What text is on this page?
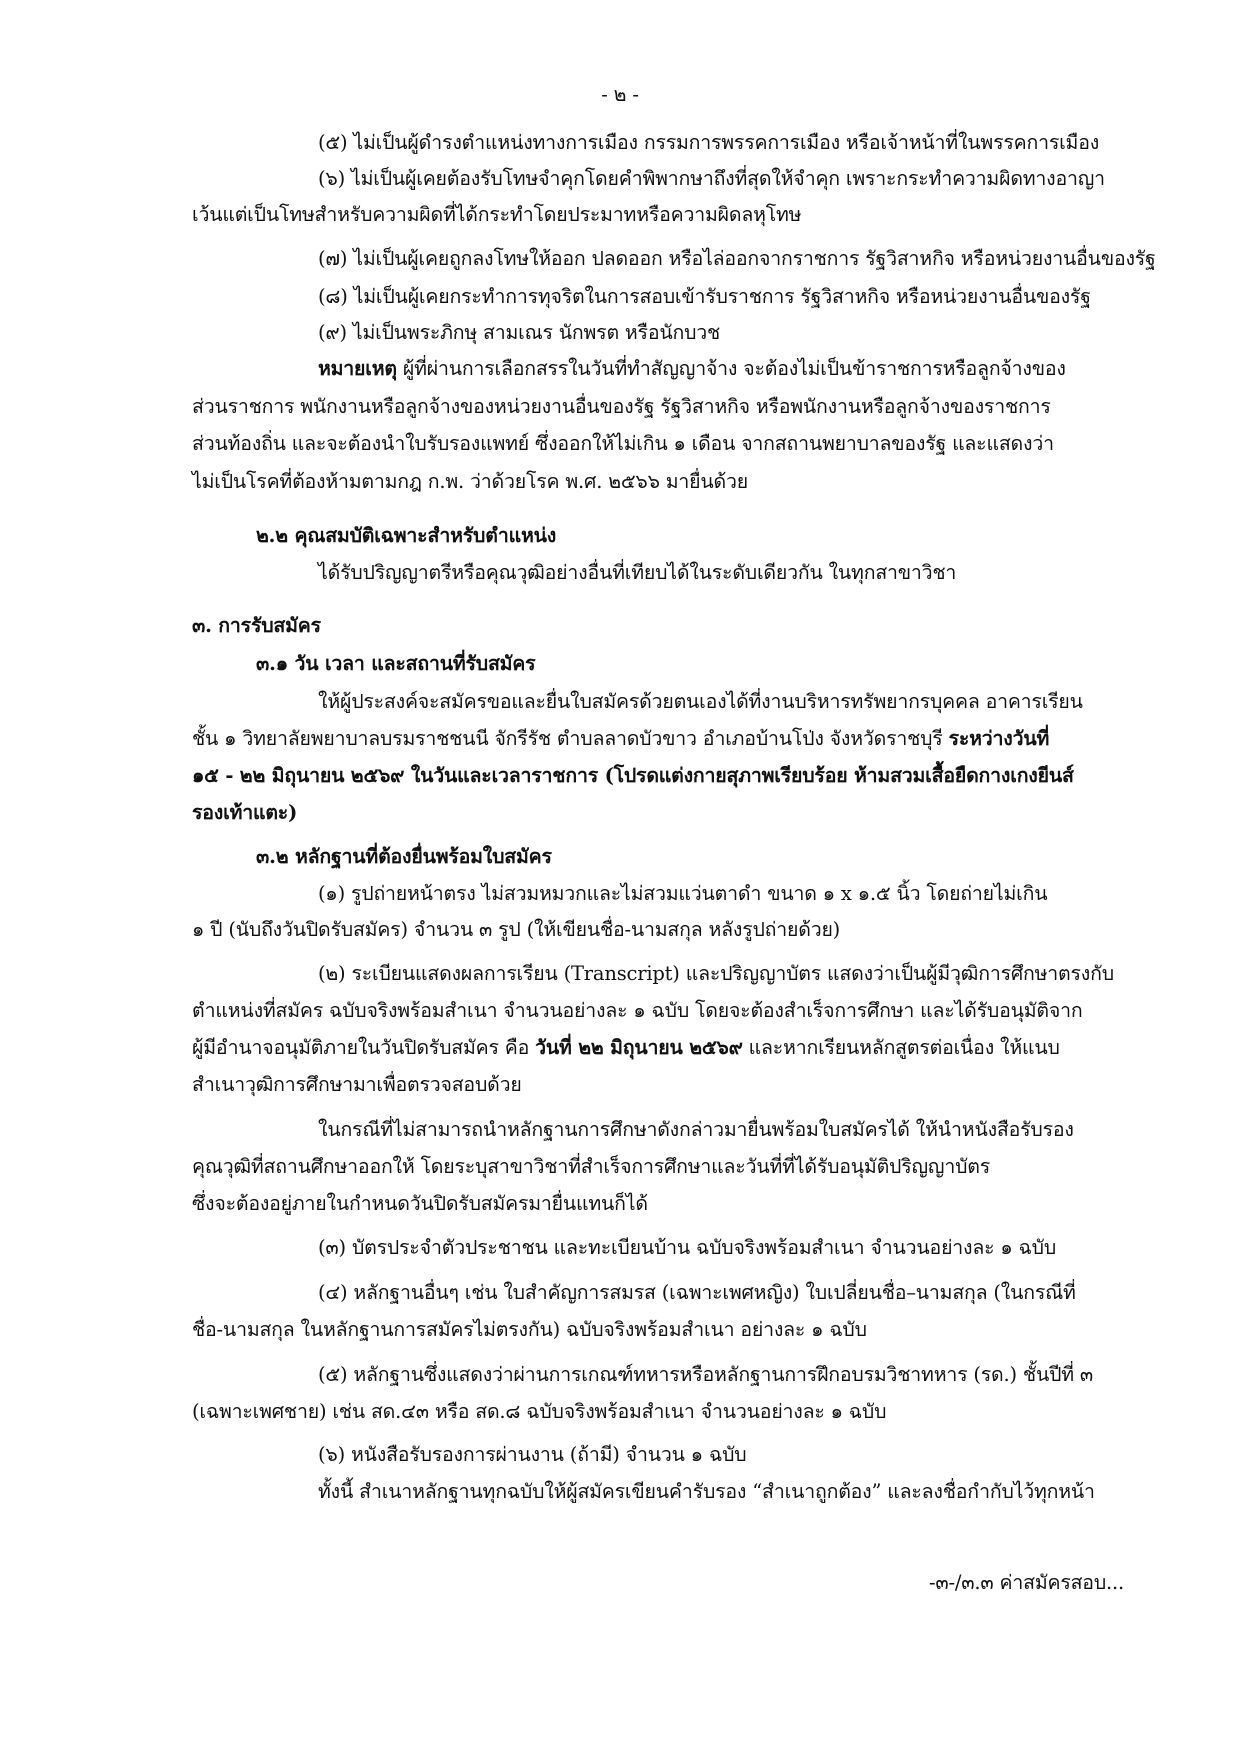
- ๒ -
(๕) ไม่เป็นผู้ดำรงตำแหน่งทางการเมือง กรรมการพรรคการเมือง หรือเจ้าหน้าที่ในพรรคการเมือง
(๖) ไม่เป็นผู้เคยต้องรับโทษจำคุกโดยคำพิพากษาถึงที่สุดให้จำคุก เพราะกระทำความผิดทางอาญา
เว้นแต่เป็นโทษสำหรับความผิดที่ได้กระทำโดยประมาทหรือความผิดลหุโทษ
(๗) ไม่เป็นผู้เคยถูกลงโทษให้ออก ปลดออก หรือไล่ออกจากราชการ รัฐวิสาหกิจ หรือหน่วยงานอื่นของรัฐ
(๘) ไม่เป็นผู้เคยกระทำการทุจริตในการสอบเข้ารับราชการ รัฐวิสาหกิจ หรือหน่วยงานอื่นของรัฐ
(๙) ไม่เป็นพระภิกษุ สามเณร นักพรต หรือนักบวช
หมายเหตุ ผู้ที่ผ่านการเลือกสรรในวันที่ทำสัญญาจ้าง จะต้องไม่เป็นข้าราชการหรือลูกจ้างของ
ส่วนราชการ พนักงานหรือลูกจ้างของหน่วยงานอื่นของรัฐ รัฐวิสาหกิจ หรือพนักงานหรือลูกจ้างของราชการ
ส่วนท้องถิ่น และจะต้องนำใบรับรองแพทย์ ซึ่งออกให้ไม่เกิน ๑ เดือน จากสถานพยาบาลของรัฐ และแสดงว่า
ไม่เป็นโรคที่ต้องห้ามตามกฎ ก.พ. ว่าด้วยโรค พ.ศ. ๒๕๖๖ มายื่นด้วย
๒.๒ คุณสมบัติเฉพาะสำหรับตำแหน่ง
ได้รับปริญญาตรีหรือคุณวุฒิอย่างอื่นที่เทียบได้ในระดับเดียวกัน ในทุกสาขาวิชา
๓. การรับสมัคร
๓.๑ วัน เวลา และสถานที่รับสมัคร
ให้ผู้ประสงค์จะสมัครขอและยื่นใบสมัครด้วยตนเองได้ที่งานบริหารทรัพยากรบุคคล อาคารเรียน
ชั้น ๑ วิทยาลัยพยาบาลบรมราชชนนี จักรีรัช ตำบลลาดบัวขาว อำเภอบ้านโป่ง จังหวัดราชบุรี ระหว่างวันที่
๑๕ - ๒๒ มิถุนายน ๒๕๖๙ ในวันและเวลาราชการ (โปรดแต่งกายสุภาพเรียบร้อย ห้ามสวมเสื้อยืดกางเกงยีนส์
รองเท้าแตะ)
๓.๒ หลักฐานที่ต้องยื่นพร้อมใบสมัคร
(๑) รูปถ่ายหน้าตรง ไม่สวมหมวกและไม่สวมแว่นตาดำ ขนาด ๑ x ๑.๕ นิ้ว โดยถ่ายไม่เกิน
๑ ปี (นับถึงวันปิดรับสมัคร) จำนวน ๓ รูป (ให้เขียนชื่อ-นามสกุล หลังรูปถ่ายด้วย)
(๒) ระเบียนแสดงผลการเรียน (Transcript) และปริญญาบัตร แสดงว่าเป็นผู้มีวุฒิการศึกษาตรงกับ
ตำแหน่งที่สมัคร ฉบับจริงพร้อมสำเนา จำนวนอย่างละ ๑ ฉบับ โดยจะต้องสำเร็จการศึกษา และได้รับอนุมัติจาก
ผู้มีอำนาจอนุมัติภายในวันปิดรับสมัคร คือ วันที่ ๒๒ มิถุนายน ๒๕๖๙ และหากเรียนหลักสูตรต่อเนื่อง ให้แนบ
สำเนาวุฒิการศึกษามาเพื่อตรวจสอบด้วย
ในกรณีที่ไม่สามารถนำหลักฐานการศึกษาดังกล่าวมายื่นพร้อมใบสมัครได้ ให้นำหนังสือรับรอง
คุณวุฒิที่สถานศึกษาออกให้ โดยระบุสาขาวิชาที่สำเร็จการศึกษาและวันที่ที่ได้รับอนุมัติปริญญาบัตร
ซึ่งจะต้องอยู่ภายในกำหนดวันปิดรับสมัครมายื่นแทนก็ได้
(๓) บัตรประจำตัวประชาชน และทะเบียนบ้าน ฉบับจริงพร้อมสำเนา จำนวนอย่างละ ๑ ฉบับ
(๔) หลักฐานอื่นๆ เช่น ใบสำคัญการสมรส (เฉพาะเพศหญิง) ใบเปลี่ยนชื่อ–นามสกุล (ในกรณีที่
ชื่อ-นามสกุล ในหลักฐานการสมัครไม่ตรงกัน) ฉบับจริงพร้อมสำเนา อย่างละ ๑ ฉบับ
(๕) หลักฐานซึ่งแสดงว่าผ่านการเกณฑ์ทหารหรือหลักฐานการฝึกอบรมวิชาทหาร (รด.) ชั้นปีที่ ๓
(เฉพาะเพศชาย) เช่น สด.๔๓ หรือ สด.๘ ฉบับจริงพร้อมสำเนา จำนวนอย่างละ ๑ ฉบับ
(๖) หนังสือรับรองการผ่านงาน (ถ้ามี) จำนวน ๑ ฉบับ
ทั้งนี้ สำเนาหลักฐานทุกฉบับให้ผู้สมัครเขียนคำรับรอง “สำเนาถูกต้อง” และลงชื่อกำกับไว้ทุกหน้า
-๓-/๓.๓ ค่าสมัครสอบ...
